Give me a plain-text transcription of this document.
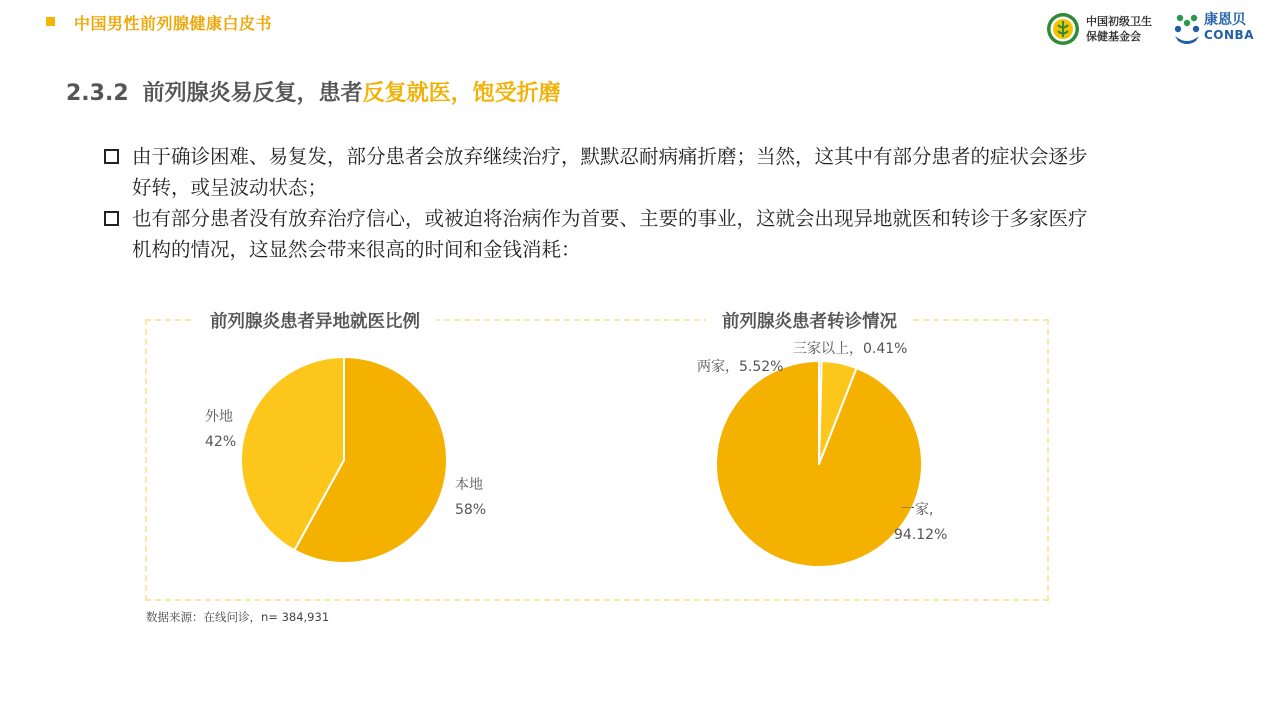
中国男性前列腺健康白皮书	中国初级卫生
保健基金会
康恩贝
CONBA
2.3.2 前列腺炎易反复，患者反复就医，饱受折磨
由于确诊困难、易复发，部分患者会放弃继续治疗，默默忍耐病痛折磨；当然，这其中有部分患者的症状会逐步好转，或呈波动状态；
也有部分患者没有放弃治疗信心，或被迫将治病作为首要、主要的事业，这就会出现异地就医和转诊于多家医疗机构的情况，这显然会带来很高的时间和金钱消耗：
前列腺炎患者异地就医比例	前列腺炎患者转诊情况
本地
58%
外地
42%
一家,
94.12%
两家，5.52%
三家以上，0.41%
数据来源：在线问诊，n= 384,931
